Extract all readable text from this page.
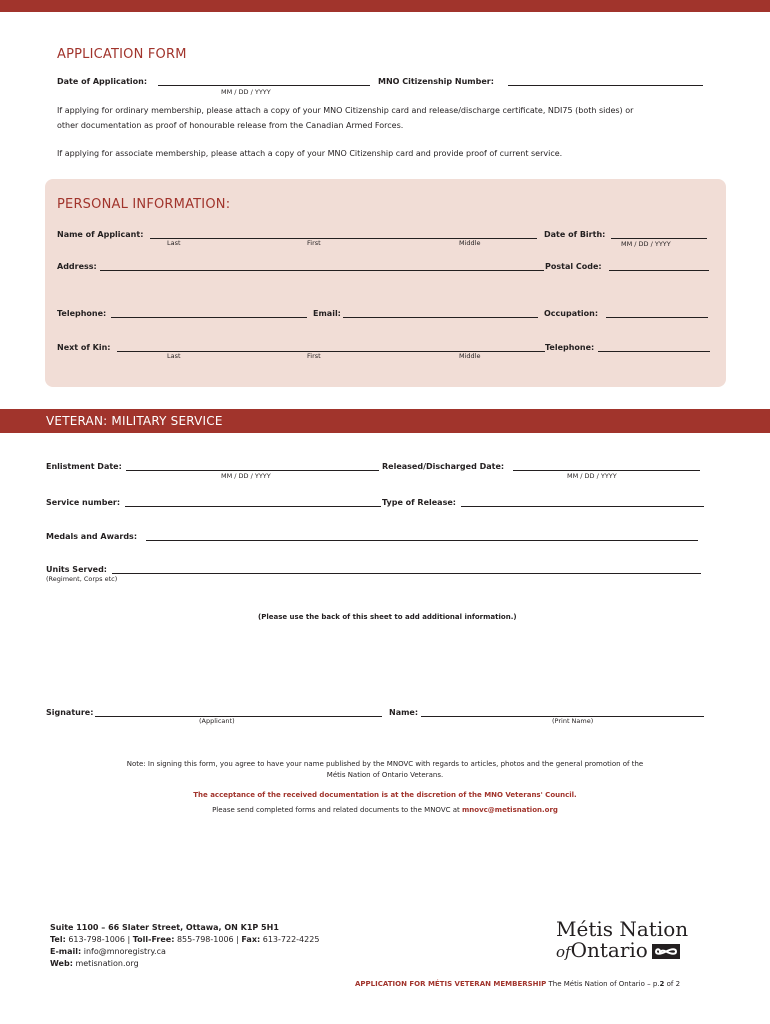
APPLICATION FORM
Date of Application:
MM / DD / YYYY
MNO Citizenship Number:
If applying for ordinary membership, please attach a copy of your MNO Citizenship card and release/discharge certificate, NDI75 (both sides) or
other documentation as proof of honourable release from the Canadian Armed Forces.
If applying for associate membership, please attach a copy of your MNO Citizenship card and provide proof of current service.
PERSONAL INFORMATION:
Name of Applicant:
Last	First	Middle
Date of Birth:
MM / DD / YYYY
Address:	Postal Code:
Telephone:	Email:	Occupation:
Next of Kin:
Last	First	Middle
Telephone:
VETERAN: MILITARY SERVICE
Enlistment Date:
MM / DD / YYYY
Released/Discharged Date:
MM / DD / YYYY
Service number:	Type of Release:
Medals and Awards:
Units Served:
(Regiment, Corps etc)
(Please use the back of this sheet to add additional information.)
Signature:
(Applicant)
Name:
(Print Name)
Note: In signing this form, you agree to have your name published by the MNOVC with regards to articles, photos and the general promotion of the
Métis Nation of Ontario Veterans.
The acceptance of the received documentation is at the discretion of the MNO Veterans' Council.
Please send completed forms and related documents to the MNOVC at mnovc@metisnation.org
Suite 1100 – 66 Slater Street, Ottawa, ON K1P 5H1
Tel: 613-798-1006 | Toll-Free: 855-798-1006 | Fax: 613-722-4225
E-mail: info@mnoregistry.ca
Web: metisnation.org
Métis Nation
ofOntario
APPLICATION FOR MÉTIS VETERAN MEMBERSHIP The Métis Nation of Ontario – p.2 of 2
